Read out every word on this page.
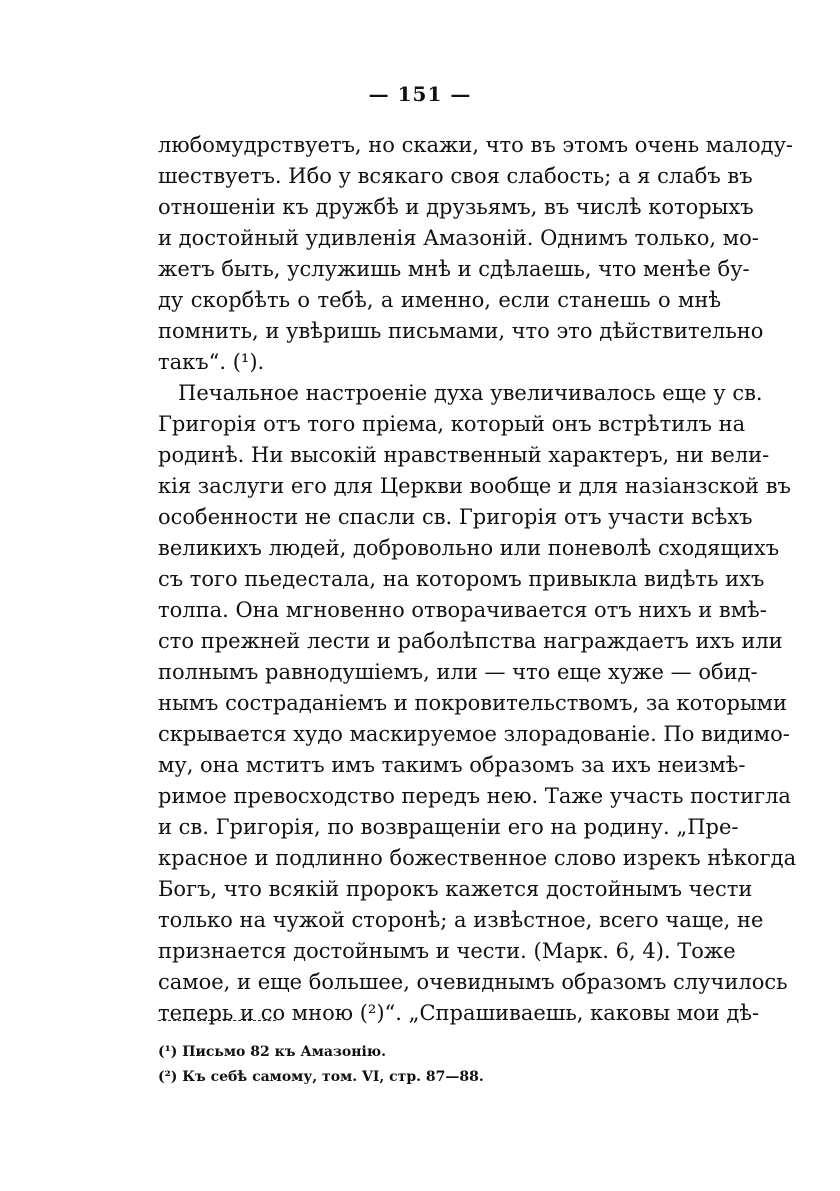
— 151 —
любомудрствуетъ, но скажи, что въ этомъ очень малоду-
шествуетъ. Ибо у всякаго своя слабость; а я слабъ въ
отношеніи къ дружбѣ и друзьямъ, въ числѣ которыхъ
и достойный удивленія Амазоній. Однимъ только, мо-
жетъ быть, услужишь мнѣ и сдѣлаешь, что менѣе бу-
ду скорбѣть о тебѣ, а именно, если станешь о мнѣ
помнить, и увѣришь письмами, что это дѣйствительно
такъ“. (¹).
Печальное настроеніе духа увеличивалось еще у св.
Григорія отъ того пріема, который онъ встрѣтилъ на
родинѣ. Ни высокій нравственный характеръ, ни вели-
кія заслуги его для Церкви вообще и для назіанзской въ
особенности не спасли св. Григорія отъ участи всѣхъ
великихъ людей, добровольно или поневолѣ сходящихъ
съ того пьедестала, на которомъ привыкла видѣть ихъ
толпа. Она мгновенно отворачивается отъ нихъ и вмѣ-
сто прежней лести и раболѣпства награждаетъ ихъ или
полнымъ равнодушіемъ, или — что еще хуже — обид-
нымъ состраданіемъ и покровительствомъ, за которыми
скрывается худо маскируемое злорадованіе. По видимо-
му, она мститъ имъ такимъ образомъ за ихъ неизмѣ-
римое превосходство передъ нею. Таже участь постигла
и св. Григорія, по возвращеніи его на родину. „Пре-
красное и подлинно божественное слово изрекъ нѣкогда
Богъ, что всякій пророкъ кажется достойнымъ чести
только на чужой сторонѣ; а извѣстное, всего чаще, не
признается достойнымъ и чести. (Марк. 6, 4). Тоже
самое, и еще большее, очевиднымъ образомъ случилось
теперь и со мною (²)“. „Спрашиваешь, каковы мои дѣ-
(¹) Письмо 82 къ Амазонію.
(²) Къ себѣ самому, том. VI, стр. 87—88.
